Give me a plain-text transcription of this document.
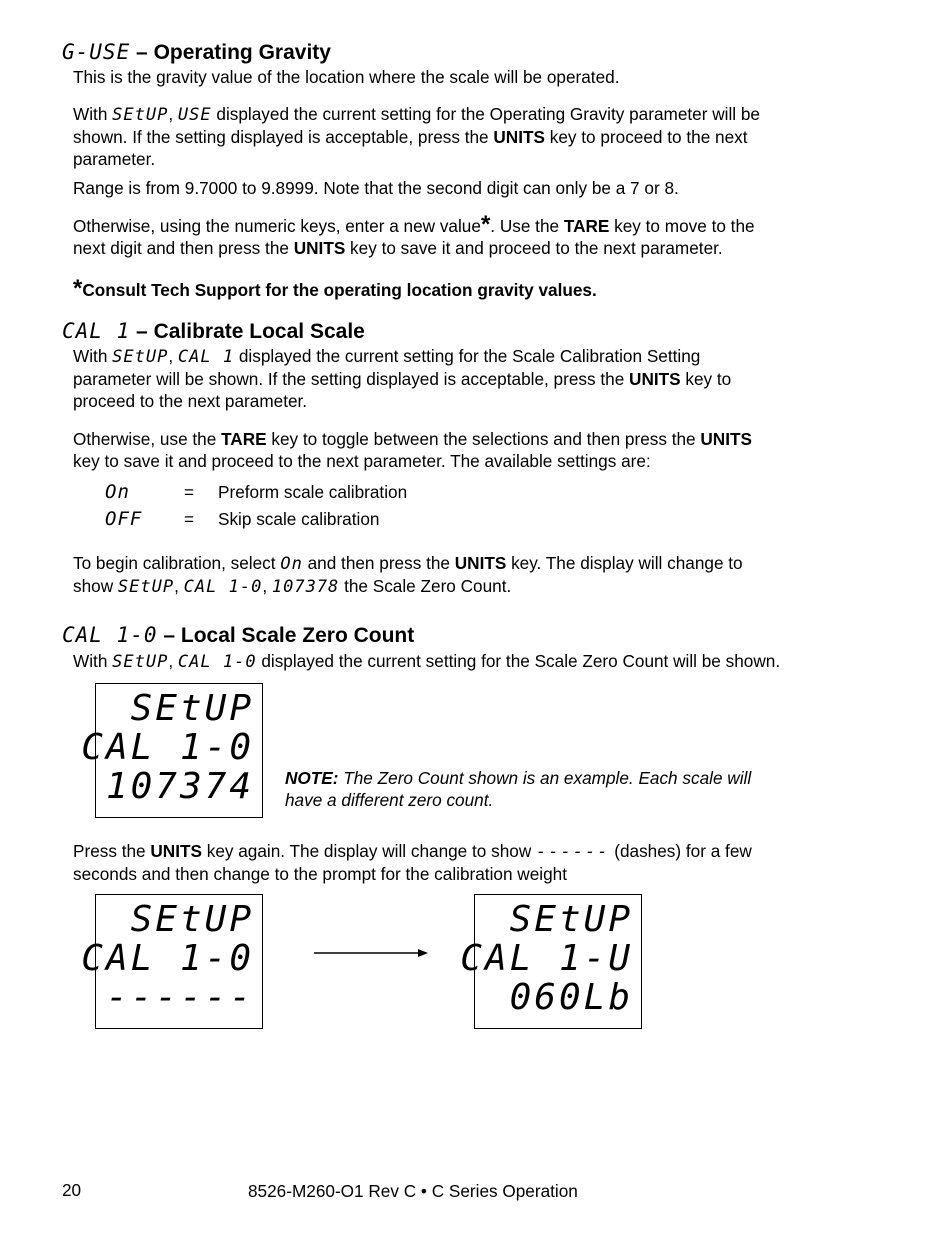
G-USE – Operating Gravity
This is the gravity value of the location where the scale will be operated.
With SEtUP, USE displayed the current setting for the Operating Gravity parameter will be
shown. If the setting displayed is acceptable, press the UNITS key to proceed to the next
parameter.
Range is from 9.7000 to 9.8999. Note that the second digit can only be a 7 or 8.
Otherwise, using the numeric keys, enter a new value*. Use the TARE key to move to the
next digit and then press the UNITS key to save it and proceed to the next parameter.
*Consult Tech Support for the operating location gravity values.
CAL 1 – Calibrate Local Scale
With SEtUP, CAL 1 displayed the current setting for the Scale Calibration Setting
parameter will be shown. If the setting displayed is acceptable, press the UNITS key to
proceed to the next parameter.
Otherwise, use the TARE key to toggle between the selections and then press the UNITS
key to save it and proceed to the next parameter. The available settings are:
On	= Preform scale calibration
OFF = Skip scale calibration
To begin calibration, select On and then press the UNITS key. The display will change to
show SEtUP, CAL 1-0, 107378 the Scale Zero Count.
CAL 1-0 – Local Scale Zero Count
With SEtUP, CAL 1-0 displayed the current setting for the Scale Zero Count will be shown.
SEtUP
CAL 1-0
107374 NOTE: The Zero Count shown is an example. Each scale will
have a different zero count.
Press the UNITS key again. The display will change to show ------ (dashes) for a few
seconds and then change to the prompt for the calibration weight
SEtUP
CAL 1-0
------
SEtUP
CAL 1-U
060Lb
20	8526-M260-O1 Rev C • C Series Operation
